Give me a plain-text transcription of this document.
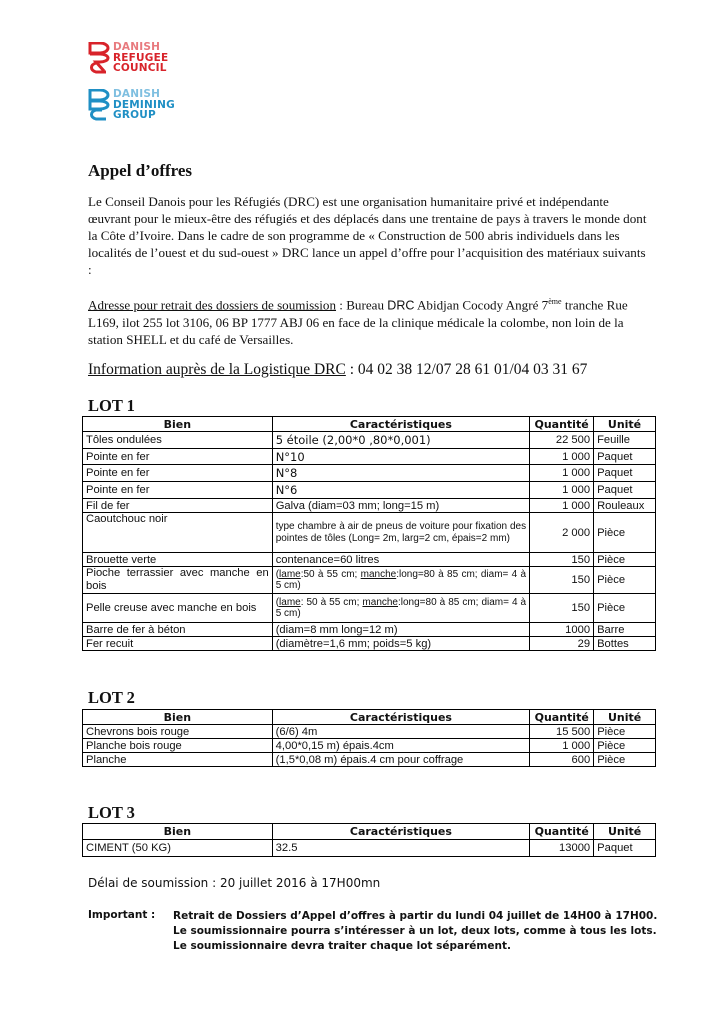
DANISH
REFUGEE
COUNCIL
DANISH
DEMINING
GROUP
Appel d’offres

Le Conseil Danois pour les Réfugiés (DRC) est une organisation humanitaire privé et indépendante œuvrant pour le mieux-être des réfugiés et des déplacés dans une trentaine de pays à travers le monde dont la Côte d’Ivoire. Dans le cadre de son programme de « Construction de 500 abris individuels dans les localités de l’ouest et du sud-ouest » DRC lance un appel d’offre pour l’acquisition des matériaux suivants :

Adresse pour retrait des dossiers de soumission : Bureau DRC Abidjan Cocody Angré 7ème tranche Rue L169, ilot 255 lot 3106, 06 BP 1777 ABJ 06 en face de la clinique médicale la colombe, non loin de la station SHELL et du café de Versailles.

Information auprès de la Logistique DRC : 04 02 38 12/07 28 61 01/04 03 31 67
LOT 1
Bien	Caractéristiques	Quantité	Unité
Tôles ondulées	5 étoile (2,00*0 ,80*0,001)	22 500	Feuille
Pointe en fer	N°10	1 000	Paquet
Pointe en fer	N°8	1 000	Paquet
Pointe en fer	N°6	1 000	Paquet
Fil de fer	Galva (diam=03 mm; long=15 m)	1 000	Rouleaux
Caoutchouc noir	type chambre à air de pneus de voiture pour fixation des pointes de tôles (Long= 2m, larg=2 cm, épais=2 mm)	2 000	Pièce
Brouette verte	contenance=60 litres	150	Pièce
Pioche terrassier avec manche en bois	(lame:50 à 55 cm; manche:long=80 à 85 cm; diam= 4 à 5 cm)	150	Pièce
Pelle creuse avec manche en bois	(lame: 50 à 55 cm; manche:long=80 à 85 cm; diam= 4 à 5 cm)	150	Pièce
Barre de fer à béton	(diam=8 mm long=12 m)	1000	Barre
Fer recuit	(diamètre=1,6 mm; poids=5 kg)	29	Bottes
LOT 2
Bien	Caractéristiques	Quantité	Unité
Chevrons bois rouge	(6/6) 4m	15 500	Pièce
Planche bois rouge	4,00*0,15 m) épais.4cm	1 000	Pièce
Planche	(1,5*0,08 m) épais.4 cm pour coffrage	600	Pièce
LOT 3
Bien	Caractéristiques	Quantité	Unité
CIMENT (50 KG)	32.5	13000	Paquet
Délai de soumission : 20 juillet 2016 à 17H00mn
Important : Retrait de Dossiers d’Appel d’offres à partir du lundi 04 juillet de 14H00 à 17H00.
Le soumissionnaire pourra s’intéresser à un lot, deux lots, comme à tous les lots.
Le soumissionnaire devra traiter chaque lot séparément.
